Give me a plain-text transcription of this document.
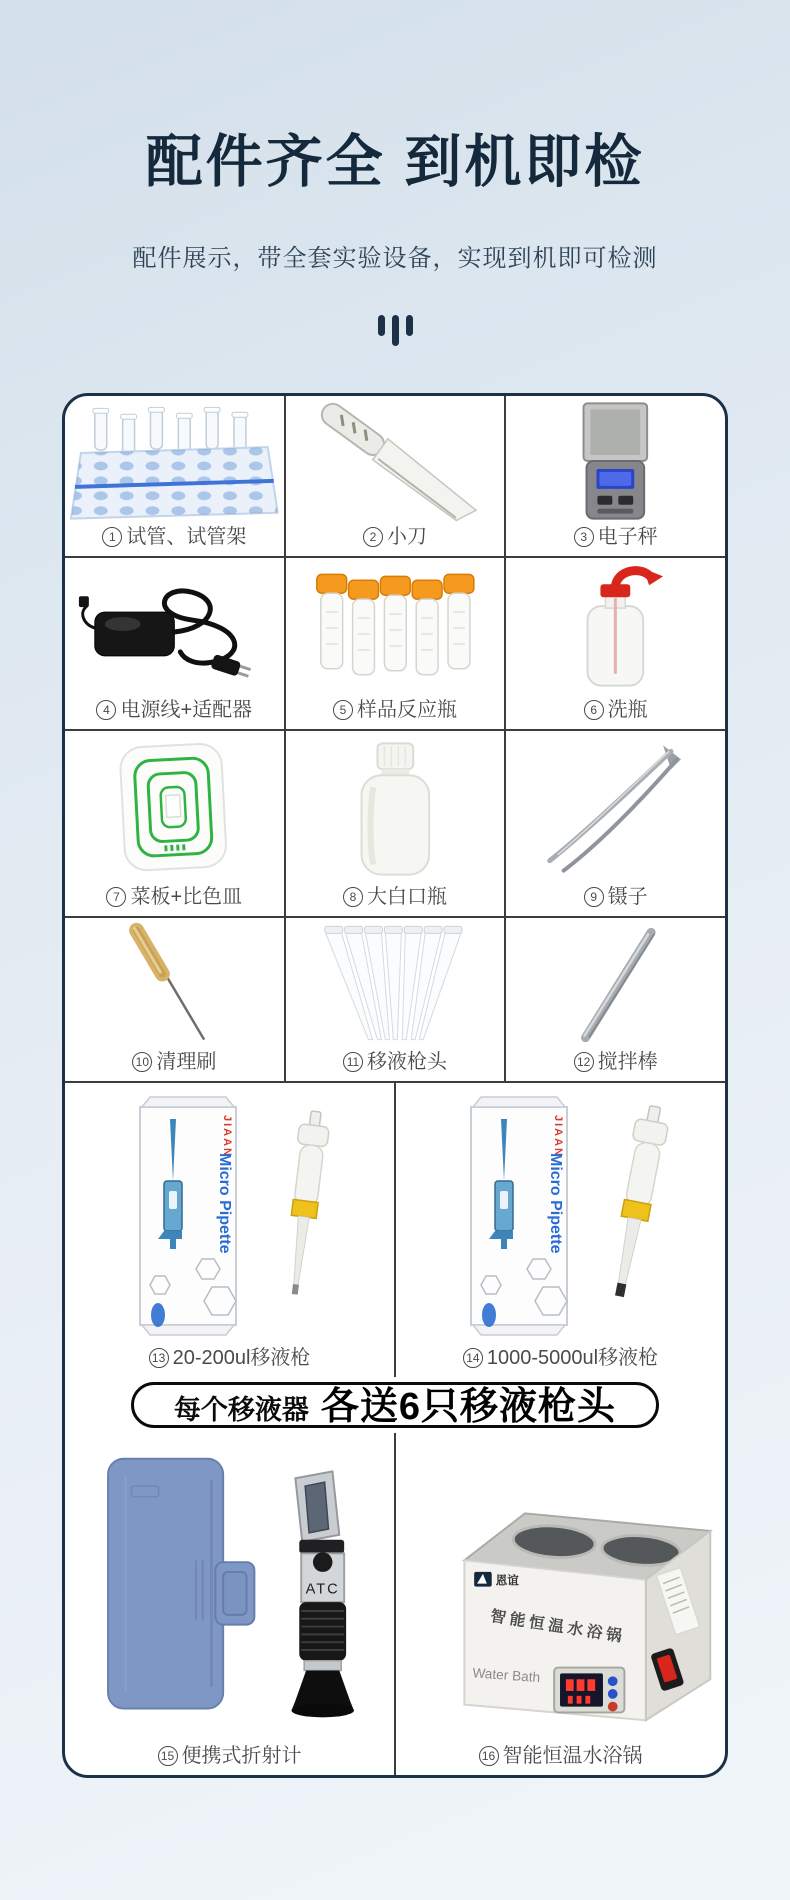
配件齐全 到机即检
配件展示，带全套实验设备，实现到机即可检测
1 试管、试管架	2 小刀	3 电子秤
4 电源线+适配器	5 样品反应瓶	6 洗瓶
7 菜板+比色皿	8 大白口瓶	9 镊子
10 清理刷	11 移液枪头	12 搅拌棒
JIAAN
Micro Pipette
13 20-200ul移液枪
JIAAN
Micro Pipette
14 1000-5000ul移液枪
每个移液器 各送6只移液枪头
ATC
15 便携式折射计
恩谊
智能恒温水浴锅
Water Bath
16 智能恒温水浴锅
